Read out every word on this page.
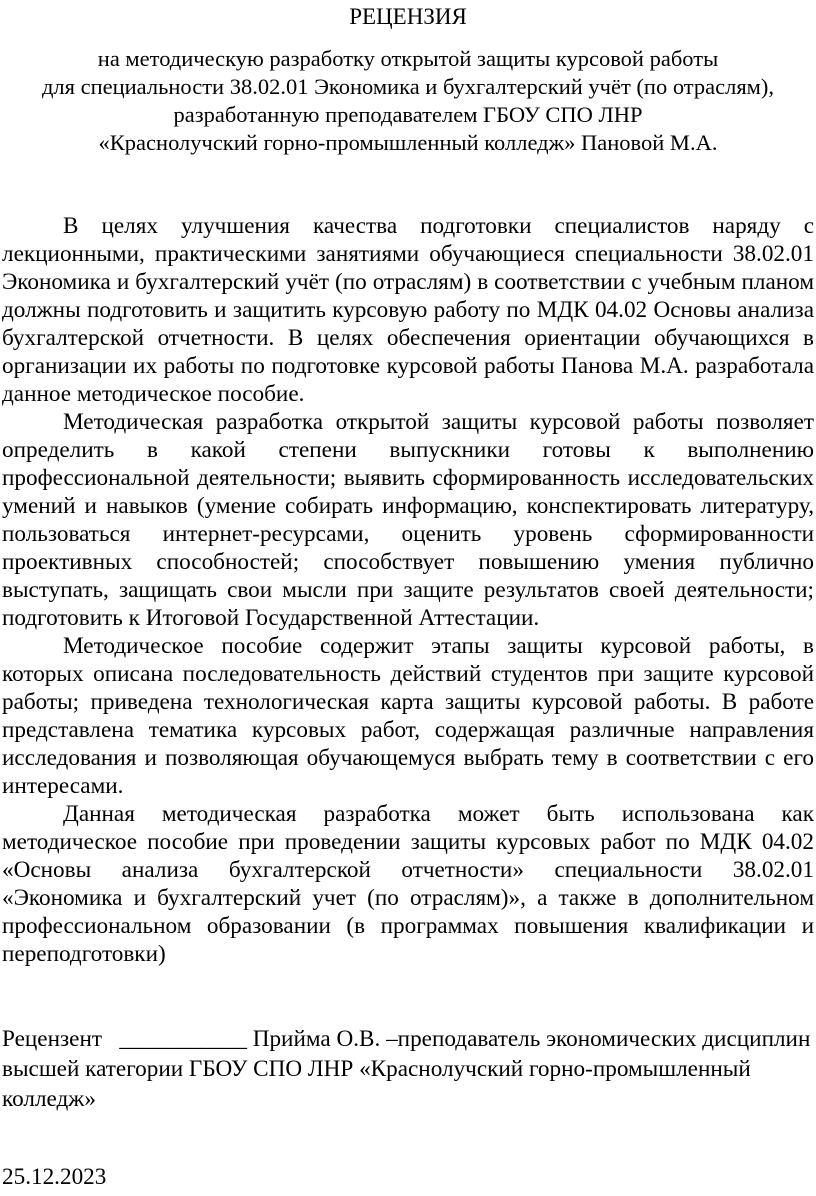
РЕЦЕНЗИЯ
на методическую разработку открытой защиты курсовой работы
для специальности 38.02.01 Экономика и бухгалтерский учёт (по отраслям),
разработанную преподавателем ГБОУ СПО ЛНР
«Краснолучский горно-промышленный колледж» Пановой М.А.

В целях улучшения качества подготовки специалистов наряду с лекционными, практическими занятиями обучающиеся специальности 38.02.01 Экономика и бухгалтерский учёт (по отраслям) в соответствии с учебным планом должны подготовить и защитить курсовую работу по МДК 04.02 Основы анализа бухгалтерской отчетности. В целях обеспечения ориентации обучающихся в организации их работы по подготовке курсовой работы Панова М.А. разработала данное методическое пособие.

Методическая разработка открытой защиты курсовой работы позволяет определить в какой степени выпускники готовы к выполнению профессиональной деятельности; выявить сформированность исследовательских умений и навыков (умение собирать информацию, конспектировать литературу, пользоваться интернет-ресурсами, оценить уровень сформированности проективных способностей; способствует повышению умения публично выступать, защищать свои мысли при защите результатов своей деятельности; подготовить к Итоговой Государственной Аттестации.

Методическое пособие содержит этапы защиты курсовой работы, в которых описана последовательность действий студентов при защите курсовой работы; приведена технологическая карта защиты курсовой работы. В работе представлена тематика курсовых работ, содержащая различные направления исследования и позволяющая обучающемуся выбрать тему в соответствии с его интересами.

Данная методическая разработка может быть использована как методическое пособие при проведении защиты курсовых работ по МДК 04.02 «Основы анализа бухгалтерской отчетности» специальности 38.02.01 «Экономика и бухгалтерский учет (по отраслям)», а также в дополнительном профессиональном образовании (в программах повышения квалификации и переподготовки)

Рецензент ___________ Прийма О.В. –преподаватель экономических дисциплин высшей категории ГБОУ СПО ЛНР «Краснолучский горно-промышленный колледж»
25.12.2023
